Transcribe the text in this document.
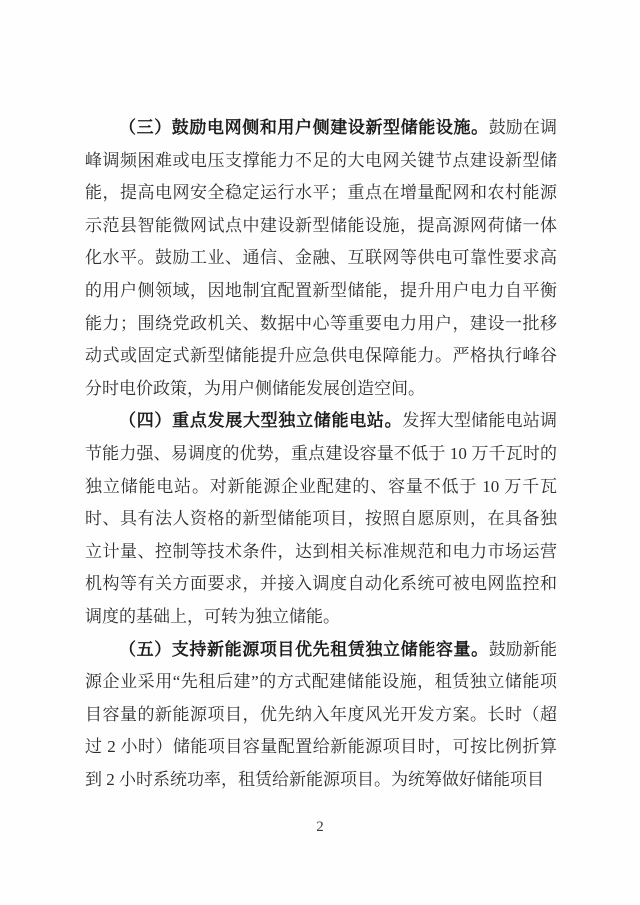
（三）鼓励电网侧和用户侧建设新型储能设施。鼓励在调峰调频困难或电压支撑能力不足的大电网关键节点建设新型储能，提高电网安全稳定运行水平；重点在增量配网和农村能源示范县智能微网试点中建设新型储能设施，提高源网荷储一体化水平。鼓励工业、通信、金融、互联网等供电可靠性要求高的用户侧领域，因地制宜配置新型储能，提升用户电力自平衡能力；围绕党政机关、数据中心等重要电力用户，建设一批移动式或固定式新型储能提升应急供电保障能力。严格执行峰谷分时电价政策，为用户侧储能发展创造空间。

（四）重点发展大型独立储能电站。发挥大型储能电站调节能力强、易调度的优势，重点建设容量不低于 10 万千瓦时的独立储能电站。对新能源企业配建的、容量不低于 10 万千瓦时、具有法人资格的新型储能项目，按照自愿原则，在具备独立计量、控制等技术条件，达到相关标准规范和电力市场运营机构等有关方面要求，并接入调度自动化系统可被电网监控和调度的基础上，可转为独立储能。

（五）支持新能源项目优先租赁独立储能容量。鼓励新能源企业采用“先租后建”的方式配建储能设施，租赁独立储能项目容量的新能源项目，优先纳入年度风光开发方案。长时（超过 2 小时）储能项目容量配置给新能源项目时，可按比例折算到 2 小时系统功率，租赁给新能源项目。为统筹做好储能项目

2
